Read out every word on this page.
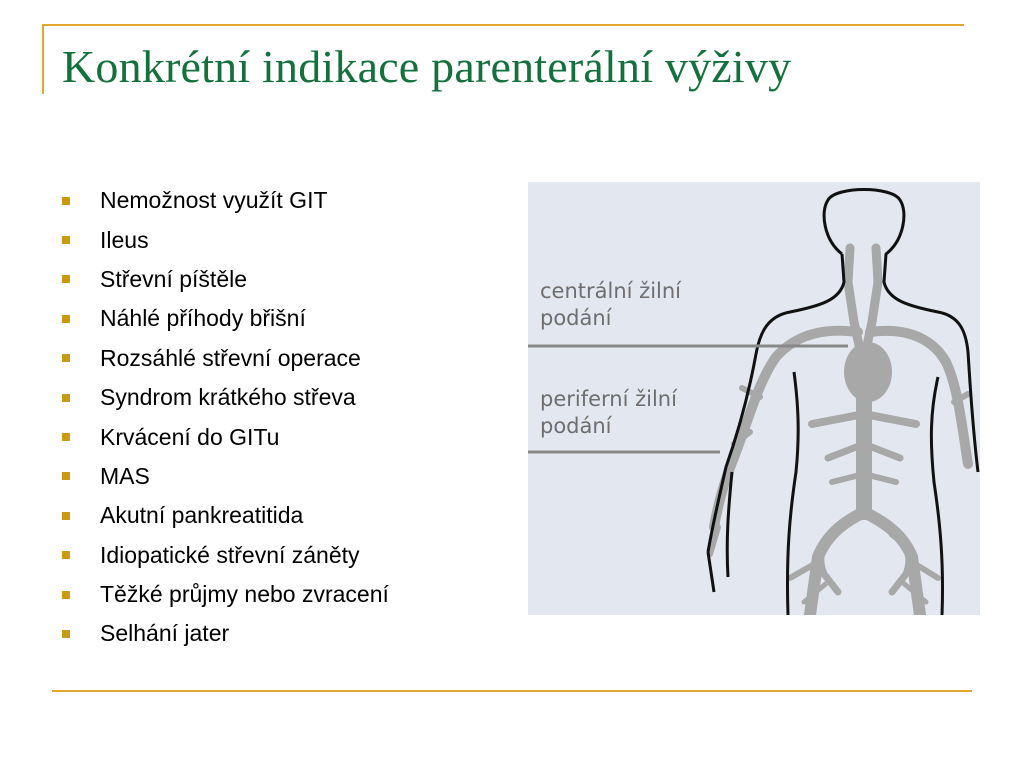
Konkrétní indikace parenterální výživy
Nemožnost využít GIT
Ileus
Střevní píštěle
Náhlé příhody břišní
Rozsáhlé střevní operace
Syndrom krátkého střeva
Krvácení do GITu
MAS
Akutní pankreatitida
Idiopatické střevní záněty
Těžké průjmy nebo zvracení
Selhání jater
centrální žilní
podání
periferní žilní
podání
